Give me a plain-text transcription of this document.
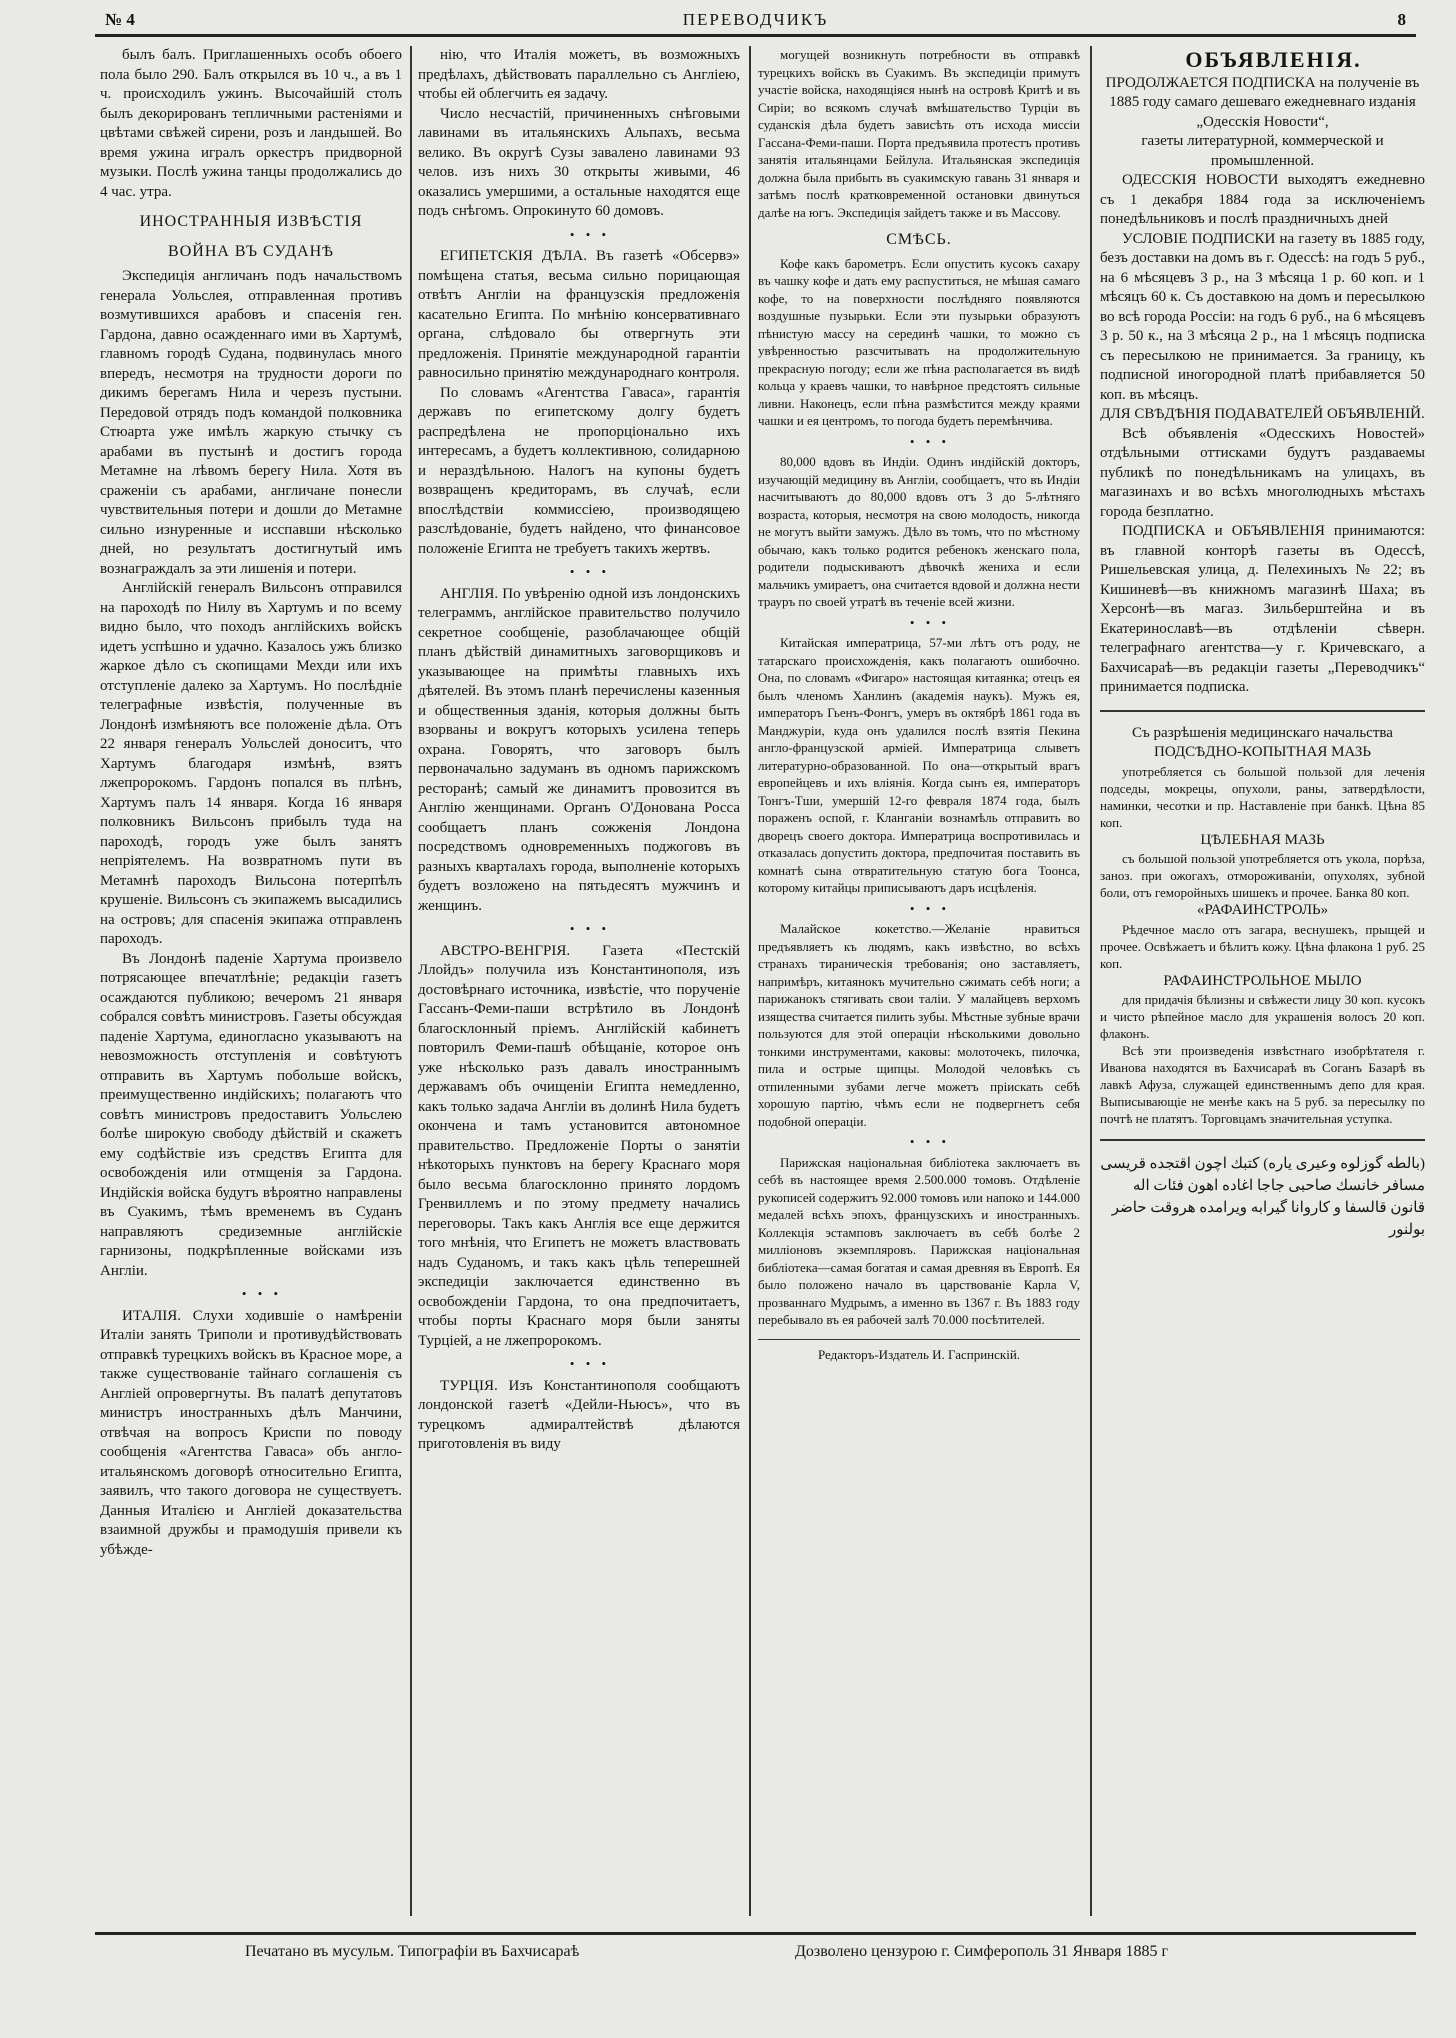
№ 4	ПЕРЕВОДЧИКЪ	8

былъ балъ. Приглашенныхъ особъ обоего пола было 290. Балъ открылся въ 10 ч., а въ 1 ч. происходилъ ужинъ. Высочайшій столъ былъ декорированъ тепличными растеніями и цвѣтами свѣжей сирени, розъ и ландышей. Во время ужина игралъ оркестръ придворной музыки. Послѣ ужина танцы продолжались до 4 час. утра.

ИНОСТРАННЫЯ ИЗВѢСТІЯ
ВОЙНА ВЪ СУДАНѢ

Экспедиція англичанъ подъ начальствомъ генерала Уольслея, отправленная противъ возмутившихся арабовъ и спасенія ген. Гардона, давно осажденнаго ими въ Хартумѣ, главномъ городѣ Судана, подвинулась много впередъ, несмотря на трудности дороги по дикимъ берегамъ Нила и черезъ пустыни. Передовой отрядъ подъ командой полковника Стюарта уже имѣлъ жаркую стычку съ арабами въ пустынѣ и достигъ города Метамне на лѣвомъ берегу Нила. Хотя въ сраженіи съ арабами, англичане понесли чувствительныя потери и дошли до Метамне сильно изнуренные и исспавши нѣсколько дней, но результатъ достигнутый имъ вознаграждалъ за эти лишенія и потери.

Англійскій генералъ Вильсонъ отправился на пароходѣ по Нилу въ Хартумъ и по всему видно было, что походъ англійскихъ войскъ идетъ успѣшно и удачно. Казалось ужъ близко жаркое дѣло съ скопищами Мехди или ихъ отступленіе далеко за Хартумъ. Но послѣдніе телеграфные извѣстія, полученные въ Лондонѣ измѣняютъ все положеніе дѣла. Отъ 22 января генералъ Уольслей доноситъ, что Хартумъ благодаря измѣнѣ, взятъ лжепророкомъ. Гардонъ попался въ плѣнъ, Хартумъ палъ 14 января. Когда 16 января полковникъ Вильсонъ прибылъ туда на пароходѣ, городъ уже былъ занятъ непріятелемъ. На возвратномъ пути въ Метамнѣ пароходъ Вильсона потерпѣлъ крушеніе. Вильсонъ съ экипажемъ высадились на островъ; для спасенія экипажа отправленъ пароходъ.

Въ Лондонѣ паденіе Хартума произвело потрясающее впечатлѣніе; редакціи газетъ осаждаются публикою; вечеромъ 21 января собрался совѣтъ министровъ. Газеты обсуждая паденіе Хартума, единогласно указываютъ на невозможность отступленія и совѣтуютъ отправить въ Хартумъ побольше войскъ, преимущественно индійскихъ; полагаютъ что совѣтъ министровъ предоставитъ Уольслею болѣе широкую свободу дѣйствій и скажетъ ему содѣйствіе изъ средствъ Египта для освобожденія или отмщенія за Гардона. Индійскія войска будутъ вѣроятно направлены въ Суакимъ, тѣмъ временемъ въ Суданъ направляютъ средиземные англійскіе гарнизоны, подкрѣпленные войсками изъ Англіи.

• • •

ИТАЛІЯ. Слухи ходившіе о намѣреніи Италіи занять Триполи и противудѣйствовать отправкѣ турецкихъ войскъ въ Красное море, а также существованіе тайнаго соглашенія съ Англіей опровергнуты. Въ палатѣ депутатовъ министръ иностранныхъ дѣлъ Манчини, отвѣчая на вопросъ Криспи по поводу сообщенія «Агентства Гаваса» объ англо-итальянскомъ договорѣ относительно Египта, заявилъ, что такого договора не существуетъ. Данныя Италією и Англіей доказательства взаимной дружбы и прамодушія привели къ убѣжде-

нію, что Италія можетъ, въ возможныхъ предѣлахъ, дѣйствовать параллельно съ Англіею, чтобы ей облегчить ея задачу.

Число несчастій, причиненныхъ снѣговыми лавинами въ итальянскихъ Альпахъ, весьма велико. Въ округѣ Сузы завалено лавинами 93 челов. изъ нихъ 30 открыты живыми, 46 оказались умершими, а остальные находятся еще подъ снѣгомъ. Опрокинуто 60 домовъ.

• • •

ЕГИПЕТСКІЯ ДѢЛА. Въ газетѣ «Обсервэ» помѣщена статья, весьма сильно порицающая отвѣтъ Англіи на французскія предложенія касательно Египта. По мнѣнію консервативнаго органа, слѣдовало бы отвергнуть эти предложенія. Принятіе международной гарантіи равносильно принятію международнаго контроля.

По словамъ «Агентства Гаваса», гарантія державъ по египетскому долгу будетъ распредѣлена не пропорціонально ихъ интересамъ, а будетъ коллективною, солидарною и нераздѣльною. Налогъ на купоны будетъ возвращенъ кредиторамъ, въ случаѣ, если впослѣдствіи коммиссіею, производящею разслѣдованіе, будетъ найдено, что финансовое положеніе Египта не требуетъ такихъ жертвъ.

• • •

АНГЛІЯ. По увѣренію одной изъ лондонскихъ телеграммъ, англійское правительство получило секретное сообщеніе, разоблачающее общій планъ дѣйствій динамитныхъ заговорщиковъ и указывающее на примѣты главныхъ ихъ дѣятелей. Въ этомъ планѣ перечислены казенныя и общественныя зданія, которыя должны быть взорваны и вокругъ которыхъ усилена теперь охрана. Говорятъ, что заговоръ былъ первоначально задуманъ въ одномъ парижскомъ ресторанѣ; самый же динамитъ провозится въ Англію женщинами. Органъ О'Донована Росса сообщаетъ планъ сожженія Лондона посредствомъ одновременныхъ поджоговъ въ разныхъ кварталахъ города, выполненіе которыхъ будетъ возложено на пятьдесятъ мужчинъ и женщинъ.

• • •

АВСТРО-ВЕНГРІЯ. Газета «Пестскій Ллойдъ» получила изъ Константинополя, изъ достовѣрнаго источника, извѣстіе, что порученіе Гассанъ-Феми-паши встрѣтило въ Лондонѣ благосклонный пріемъ. Англійскій кабинетъ повторилъ Феми-пашѣ обѣщаніе, которое онъ уже нѣсколько разъ давалъ иностраннымъ державамъ объ очищеніи Египта немедленно, какъ только задача Англіи въ долинѣ Нила будетъ окончена и тамъ установится автономное правительство. Предложеніе Порты о занятіи нѣкоторыхъ пунктовъ на берегу Краснаго моря было весьма благосклонно принято лордомъ Гренвиллемъ и по этому предмету начались переговоры. Такъ какъ Англія все еще держится того мнѣнія, что Египетъ не можетъ властвовать надъ Суданомъ, и такъ какъ цѣль теперешней экспедиціи заключается единственно въ освобожденіи Гардона, то она предпочитаетъ, чтобы порты Краснаго моря были заняты Турціей, а не лжепророкомъ.

• • •

ТУРЦІЯ. Изъ Константинополя сообщаютъ лондонской газетѣ «Дейли-Ньюсъ», что въ турецкомъ адмиралтействѣ дѣлаются приготовленія въ виду

могущей возникнуть потребности въ отправкѣ турецкихъ войскъ въ Суакимъ. Въ экспедиціи примутъ участіе войска, находящіяся нынѣ на островѣ Критѣ и въ Сиріи; во всякомъ случаѣ вмѣшательство Турціи въ суданскія дѣла будетъ зависѣть отъ исхода миссіи Гассана-Феми-паши. Порта предъявила протестъ противъ занятія итальянцами Бейлула. Итальянская экспедиція должна была прибыть въ суакимскую гавань 31 января и затѣмъ послѣ кратковременной остановки двинуться далѣе на югъ. Экспедиція зайдетъ также и въ Массову.

СМѢСЬ.

Кофе какъ барометръ. Если опустить кусокъ сахару въ чашку кофе и дать ему распуститься, не мѣшая самаго кофе, то на поверхности послѣдняго появляются воздушные пузырьки. Если эти пузырьки образуютъ пѣнистую массу на серединѣ чашки, то можно съ увѣренностью разсчитывать на продолжительную прекрасную погоду; если же пѣна располагается въ видѣ кольца у краевъ чашки, то навѣрное предстоятъ сильные ливни. Наконецъ, если пѣна размѣстится между краями чашки и ея центромъ, то погода будетъ перемѣнчива.

• • •

80,000 вдовъ въ Индіи. Одинъ индійскій докторъ, изучающій медицину въ Англіи, сообщаетъ, что въ Индіи насчитываютъ до 80,000 вдовъ отъ 3 до 5-лѣтняго возраста, которыя, несмотря на свою молодость, никогда не могутъ выйти замужъ. Дѣло въ томъ, что по мѣстному обычаю, какъ только родится ребенокъ женскаго пола, родители подыскиваютъ дѣвочкѣ жениха и если мальчикъ умираетъ, она считается вдовой и должна нести трауръ по своей утратѣ въ теченіе всей жизни.

• • •

Китайская императрица, 57-ми лѣтъ отъ роду, не татарскаго происхожденія, какъ полагаютъ ошибочно. Она, по словамъ «Фигаро» настоящая китаянка; отецъ ея былъ членомъ Ханлинъ (академія наукъ). Мужъ ея, императоръ Гьенъ-Фонгъ, умеръ въ октябрѣ 1861 года въ Манджуріи, куда онъ удалился послѣ взятія Пекина англо-французской арміей. Императрица слыветъ литературно-образованной. По она—открытый врагъ европейцевъ и ихъ вліянія. Когда сынъ ея, императоръ Тонгъ-Тши, умершій 12-го февраля 1874 года, былъ пораженъ оспой, г. Кланганіи вознамѣль отправить во дворецъ своего доктора. Императрица воспротивилась и отказалась допустить доктора, предпочитая поставить въ комнатѣ сына отвратительную статую бога Тоонса, которому китайцы приписываютъ даръ исцѣленія.

• • •

Малайское кокетство.—Желаніе нравиться предъявляетъ къ людямъ, какъ извѣстно, во всѣхъ странахъ тираническія требованія; оно заставляетъ, напримѣръ, китаянокъ мучительно сжимать себѣ ноги; а парижанокъ стягивать свои таліи. У малайцевъ верхомъ изящества считается пилить зубы. Мѣстные зубные врачи пользуются для этой операціи нѣсколькими довольно тонкими инструментами, каковы: молоточекъ, пилочка, пила и острые щипцы. Молодой человѣкъ съ отпиленными зубами легче можетъ пріискать себѣ хорошую партію, чѣмъ если не подвергнетъ себя подобной операціи.

• • •

Парижская національная библіотека заключаетъ въ себѣ въ настоящее время 2.500.000 томовъ. Отдѣленіе рукописей содержитъ 92.000 томовъ или напоко и 144.000 медалей всѣхъ эпохъ, французскихъ и иностранныхъ. Коллекція эстамповъ заключаетъ въ себѣ болѣе 2 милліоновъ экземпляровъ. Парижская національная библіотека—самая богатая и самая древняя въ Европѣ. Ея было положено начало въ царствованіе Карла V, прозваннаго Мудрымъ, а именно въ 1367 г. Въ 1883 году перебывало въ ея рабочей залѣ 70.000 посѣтителей.

Редакторъ-Издатель И. Гаспринскій.

ОБЪЯВЛЕНІЯ.

ПРОДОЛЖАЕТСЯ ПОДПИСКА на полученіе въ 1885 году самаго дешеваго ежедневнаго изданія

„Одесскія Новости“,

газеты литературной, коммерческой и промышленной.

ОДЕССКІЯ НОВОСТИ выходятъ ежедневно съ 1 декабря 1884 года за исключеніемъ понедѣльниковъ и послѣ праздничныхъ дней

УСЛОВІЕ ПОДПИСКИ на газету въ 1885 году, безъ доставки на домъ въ г. Одессѣ: на годъ 5 руб., на 6 мѣсяцевъ 3 р., на 3 мѣсяца 1 р. 60 коп. и 1 мѣсяцъ 60 к. Съ доставкою на домъ и пересылкою во всѣ города Россіи: на годъ 6 руб., на 6 мѣсяцевъ 3 р. 50 к., на 3 мѣсяца 2 р., на 1 мѣсяцъ подписка съ пересылкою не принимается. За границу, къ подписной иногородной платѣ прибавляется 50 коп. въ мѣсяцъ.

ДЛЯ СВѢДѢНІЯ ПОДАВАТЕЛЕЙ ОБЪЯВЛЕНІЙ.

Всѣ объявленія «Одесскихъ Новостей» отдѣльными оттисками будутъ раздаваемы публикѣ по понедѣльникамъ на улицахъ, въ магазинахъ и во всѣхъ многолюдныхъ мѣстахъ города безплатно.

ПОДПИСКА и ОБЪЯВЛЕНІЯ принимаются: въ главной конторѣ газеты въ Одессѣ, Ришельевская улица, д. Пелехиныхъ № 22; въ Кишиневѣ—въ книжномъ магазинѣ Шаха; въ Херсонѣ—въ магаз. Зильберштейна и въ Екатеринославѣ—въ отдѣленіи сѣверн. телеграфнаго агентства—у г. Кричевскаго, а Бахчисараѣ—въ редакціи газеты „Переводчикъ“ принимается подписка.

Съ разрѣшенія медицинскаго начальства

ПОДСѢДНО-КОПЫТНАЯ МАЗЬ

употребляется съ большой пользой для леченія подседы, мокрецы, опухоли, раны, затвердѣлости, наминки, чесотки и пр. Наставленіе при банкѣ. Цѣна 85 коп.

ЦѢЛЕБНАЯ МАЗЬ

съ большой пользой употребляется отъ укола, порѣза, заноз. при ожогахъ, отмороживаніи, опухолях, зубной боли, отъ геморойныхъ шишекъ и прочее. Банка 80 коп.

«РАФАИНСТРОЛЬ»

Рѣдечное масло отъ загара, веснушекъ, прыщей и прочее. Освѣжаетъ и бѣлитъ кожу. Цѣна флакона 1 руб. 25 коп.

РАФАИНСТРОЛЬНОЕ МЫЛО

для придачія бѣлизны и свѣжести лицу 30 коп. кусокъ и чисто рѣпейное масло для украшенія волосъ 20 коп. флаконъ.

Всѣ эти произведенія извѣстнаго изобрѣтателя г. Иванова находятся въ Бахчисараѣ въ Соганъ Базарѣ въ лавкѣ Афуза, служащей единственнымъ депо для края. Выписывающіе не менѣе какъ на 5 руб. за пересылку по почтѣ не платятъ. Торговцамъ значительная уступка.

(بالطه گوزلوه وعیری یاره) کتبك اچون اقتجده قریسی مسافر خانسك صاحبی جاجا اغاده اهون فئات اله قانون قالسفا و کاروانا گیرابه ویرامده هروقت حاضر بولنور

Печатано въ мусульм. Типографіи въ Бахчисараѣ	Дозволено цензурою г. Симферополь 31 Января 1885 г
